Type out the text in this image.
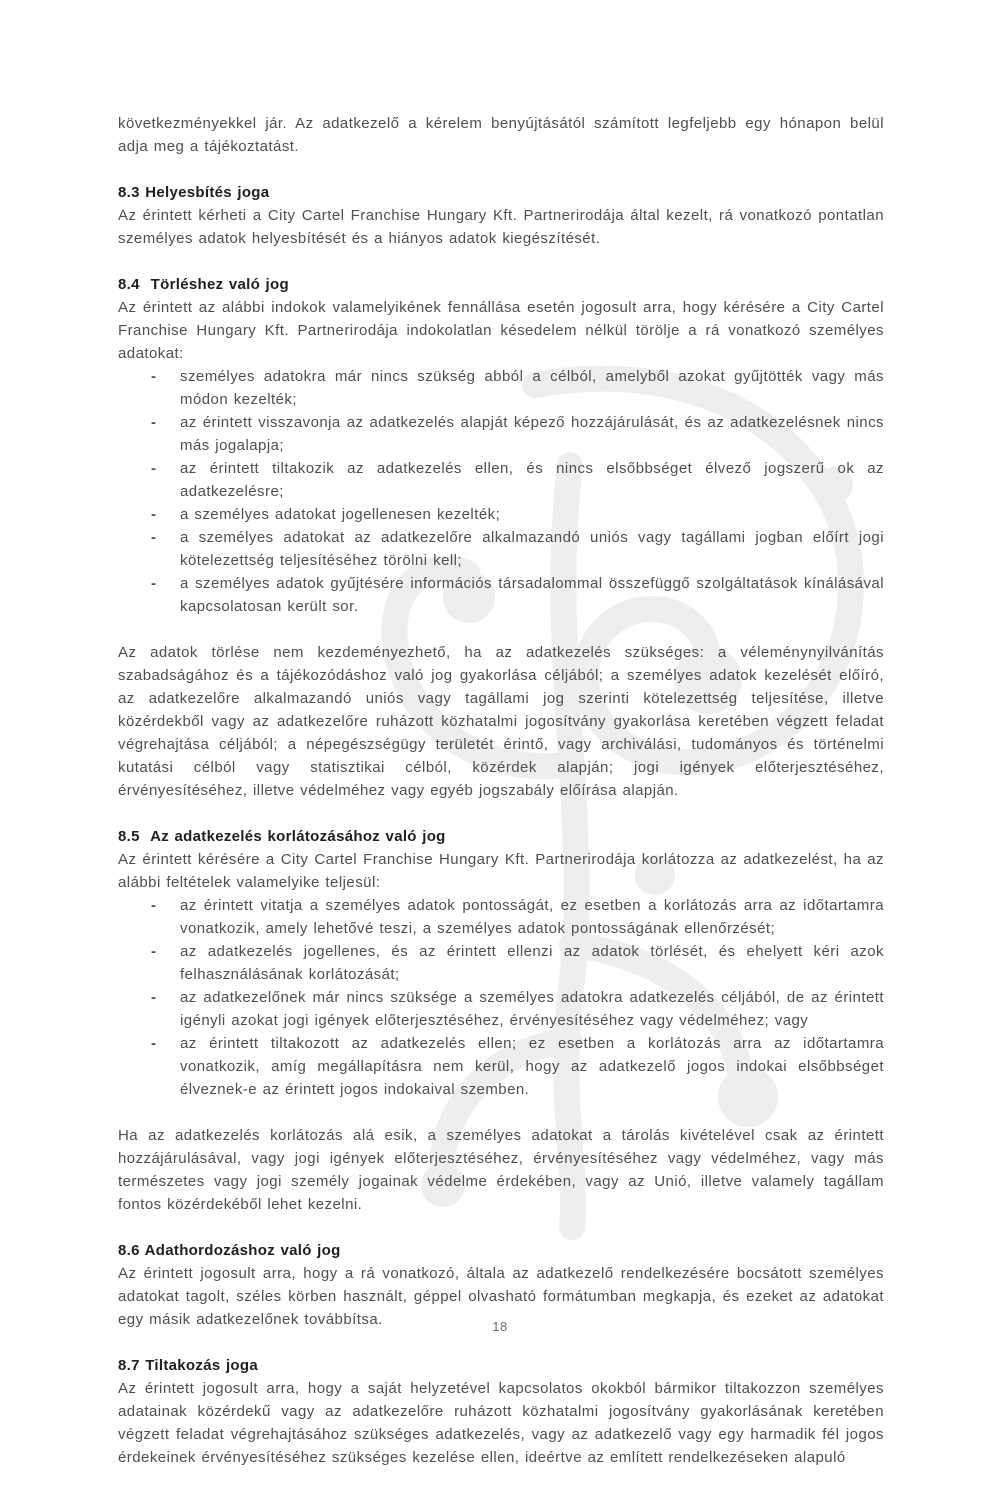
következményekkel jár. Az adatkezelő a kérelem benyújtásától számított legfeljebb egy hónapon belül adja meg a tájékoztatást.

8.3 Helyesbítés joga

Az érintett kérheti a City Cartel Franchise Hungary Kft. Partnerirodája által kezelt, rá vonatkozó pontatlan személyes adatok helyesbítését és a hiányos adatok kiegészítését.

8.4  Törléshez való jog

Az érintett az alábbi indokok valamelyikének fennállása esetén jogosult arra, hogy kérésére a City Cartel Franchise Hungary Kft. Partnerirodája indokolatlan késedelem nélkül törölje a rá vonatkozó személyes adatokat:

- személyes adatokra már nincs szükség abból a célból, amelyből azokat gyűjtötték vagy más módon kezelték;
- az érintett visszavonja az adatkezelés alapját képező hozzájárulását, és az adatkezelésnek nincs más jogalapja;
- az érintett tiltakozik az adatkezelés ellen, és nincs elsőbbséget élvező jogszerű ok az adatkezelésre;
- a személyes adatokat jogellenesen kezelték;
- a személyes adatokat az adatkezelőre alkalmazandó uniós vagy tagállami jogban előírt jogi kötelezettség teljesítéséhez törölni kell;
- a személyes adatok gyűjtésére információs társadalommal összefüggő szolgáltatások kínálásával kapcsolatosan került sor.

Az adatok törlése nem kezdeményezhető, ha az adatkezelés szükséges: a véleménynyilvánítás szabadságához és a tájékozódáshoz való jog gyakorlása céljából; a személyes adatok kezelését előíró, az adatkezelőre alkalmazandó uniós vagy tagállami jog szerinti kötelezettség teljesítése, illetve közérdekből vagy az adatkezelőre ruházott közhatalmi jogosítvány gyakorlása keretében végzett feladat végrehajtása céljából; a népegészségügy területét érintő, vagy archiválási, tudományos és történelmi kutatási célból vagy statisztikai célból, közérdek alapján; jogi igények előterjesztéséhez, érvényesítéséhez, illetve védelméhez vagy egyéb jogszabály előírása alapján.

8.5  Az adatkezelés korlátozásához való jog

Az érintett kérésére a City Cartel Franchise Hungary Kft. Partnerirodája korlátozza az adatkezelést, ha az alábbi feltételek valamelyike teljesül:

- az érintett vitatja a személyes adatok pontosságát, ez esetben a korlátozás arra az időtartamra vonatkozik, amely lehetővé teszi, a személyes adatok pontosságának ellenőrzését;
- az adatkezelés jogellenes, és az érintett ellenzi az adatok törlését, és ehelyett kéri azok felhasználásának korlátozását;
- az adatkezelőnek már nincs szüksége a személyes adatokra adatkezelés céljából, de az érintett igényli azokat jogi igények előterjesztéséhez, érvényesítéséhez vagy védelméhez; vagy
- az érintett tiltakozott az adatkezelés ellen; ez esetben a korlátozás arra az időtartamra vonatkozik, amíg megállapításra nem kerül, hogy az adatkezelő jogos indokai elsőbbséget élveznek-e az érintett jogos indokaival szemben.

Ha az adatkezelés korlátozás alá esik, a személyes adatokat a tárolás kivételével csak az érintett hozzájárulásával, vagy jogi igények előterjesztéséhez, érvényesítéséhez vagy védelméhez, vagy más természetes vagy jogi személy jogainak védelme érdekében, vagy az Unió, illetve valamely tagállam fontos közérdekéből lehet kezelni.

8.6 Adathordozáshoz való jog

Az érintett jogosult arra, hogy a rá vonatkozó, általa az adatkezelő rendelkezésére bocsátott személyes adatokat tagolt, széles körben használt, géppel olvasható formátumban megkapja, és ezeket az adatokat egy másik adatkezelőnek továbbítsa.

8.7 Tiltakozás joga

Az érintett jogosult arra, hogy a saját helyzetével kapcsolatos okokból bármikor tiltakozzon személyes adatainak közérdekű vagy az adatkezelőre ruházott közhatalmi jogosítvány gyakorlásának keretében végzett feladat végrehajtásához szükséges adatkezelés, vagy az adatkezelő vagy egy harmadik fél jogos érdekeinek érvényesítéséhez szükséges kezelése ellen, ideértve az említett rendelkezéseken alapuló

18
